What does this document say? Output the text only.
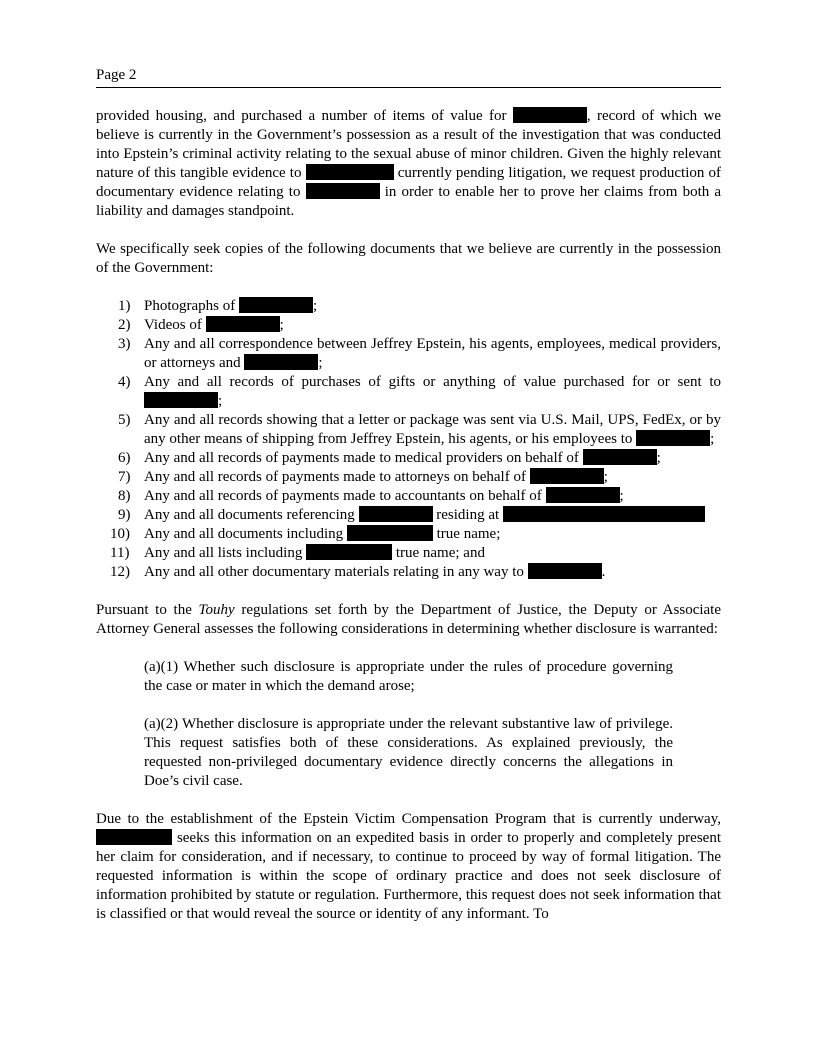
Page 2

provided housing, and purchased a number of items of value for	, record of which we believe is currently in the Government’s possession as a result of the investigation that was conducted into Epstein’s criminal activity relating to the sexual abuse of minor children. Given the highly relevant nature of this tangible evidence to	currently pending litigation, we request production of documentary evidence relating to	in order to enable her to prove her claims from both a liability and damages standpoint.

We specifically seek copies of the following documents that we believe are currently in the possession of the Government:

1) Photographs of	;
2) Videos of	;
3) Any and all correspondence between Jeffrey Epstein, his agents, employees, medical providers, or attorneys and	;
4) Any and all records of purchases of gifts or anything of value purchased for or sent to ;
5) Any and all records showing that a letter or package was sent via U.S. Mail, UPS, FedEx, or by any other means of shipping from Jeffrey Epstein, his agents, or his employees to	;
6) Any and all records of payments made to medical providers on behalf of	;
7) Any and all records of payments made to attorneys on behalf of	;
8) Any and all records of payments made to accountants on behalf of	;
9) Any and all documents referencing	residing at
10) Any and all documents including	true name;
11) Any and all lists including	true name; and
12) Any and all other documentary materials relating in any way to	.

Pursuant to the Touhy regulations set forth by the Department of Justice, the Deputy or Associate Attorney General assesses the following considerations in determining whether disclosure is warranted:

(a)(1) Whether such disclosure is appropriate under the rules of procedure governing the case or mater in which the demand arose;

(a)(2) Whether disclosure is appropriate under the relevant substantive law of privilege. This request satisfies both of these considerations. As explained previously, the requested non-privileged documentary evidence directly concerns the allegations in Doe’s civil case.

Due to the establishment of the Epstein Victim Compensation Program that is currently underway,  seeks this information on an expedited basis in order to properly and completely present her claim for consideration, and if necessary, to continue to proceed by way of formal litigation. The requested information is within the scope of ordinary practice and does not seek disclosure of information prohibited by statute or regulation. Furthermore, this request does not seek information that is classified or that would reveal the source or identity of any informant. To
